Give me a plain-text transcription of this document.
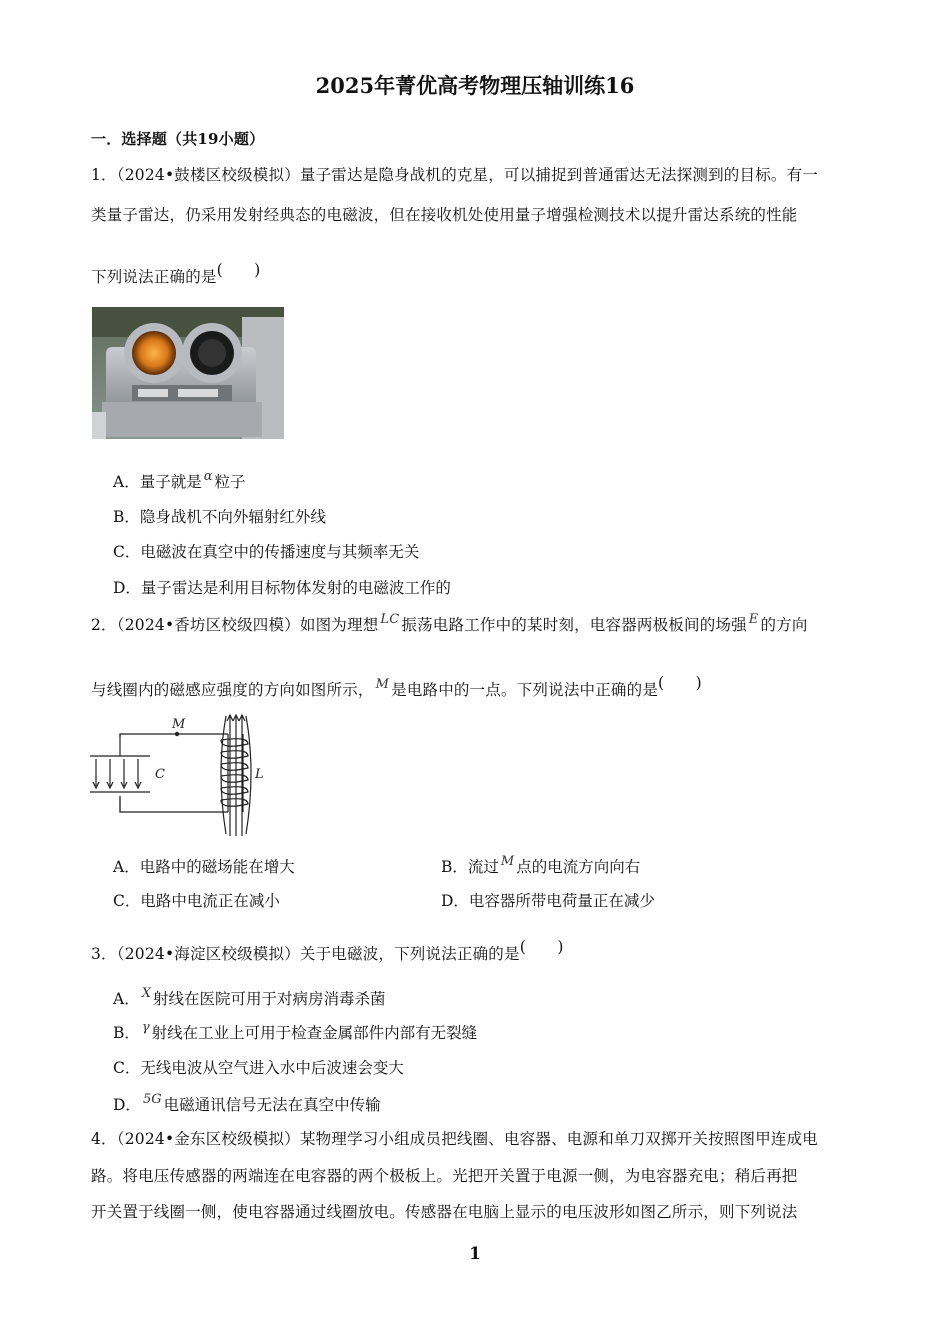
2025年菁优高考物理压轴训练16
一．选择题（共19小题）
1．（2024•鼓楼区校级模拟）量子雷达是隐身战机的克星，可以捕捉到普通雷达无法探测到的目标。有一
类量子雷达，仍采用发射经典态的电磁波，但在接收机处使用量子增强检测技术以提升雷达系统的性能
下列说法正确的是(　　)
A．量子就是 $^\alpha$ 粒子
B．隐身战机不向外辐射红外线
C．电磁波在真空中的传播速度与其频率无关
D．量子雷达是利用目标物体发射的电磁波工作的
2．（2024•香坊区校级四模）如图为理想 $^{LC}$ 振荡电路工作中的某时刻，电容器两极板间的场强 $^E$ 的方向
与线圈内的磁感应强度的方向如图所示， $^M$ 是电路中的一点。下列说法中正确的是(　　)
M
C	L
A．电路中的磁场能在增大	B．流过 $^M$ 点的电流方向向右
C．电路中电流正在减小	D．电容器所带电荷量正在减少
3．（2024•海淀区校级模拟）关于电磁波，下列说法正确的是(　　)
A． $^X$ 射线在医院可用于对病房消毒杀菌
B． $^\gamma$ 射线在工业上可用于检查金属部件内部有无裂缝
C．无线电波从空气进入水中后波速会变大
D． $^{5G}$ 电磁通讯信号无法在真空中传输
4．（2024•金东区校级模拟）某物理学习小组成员把线圈、电容器、电源和单刀双掷开关按照图甲连成电
路。将电压传感器的两端连在电容器的两个极板上。光把开关置于电源一侧，为电容器充电；稍后再把
开关置于线圈一侧，使电容器通过线圈放电。传感器在电脑上显示的电压波形如图乙所示，则下列说法
1
